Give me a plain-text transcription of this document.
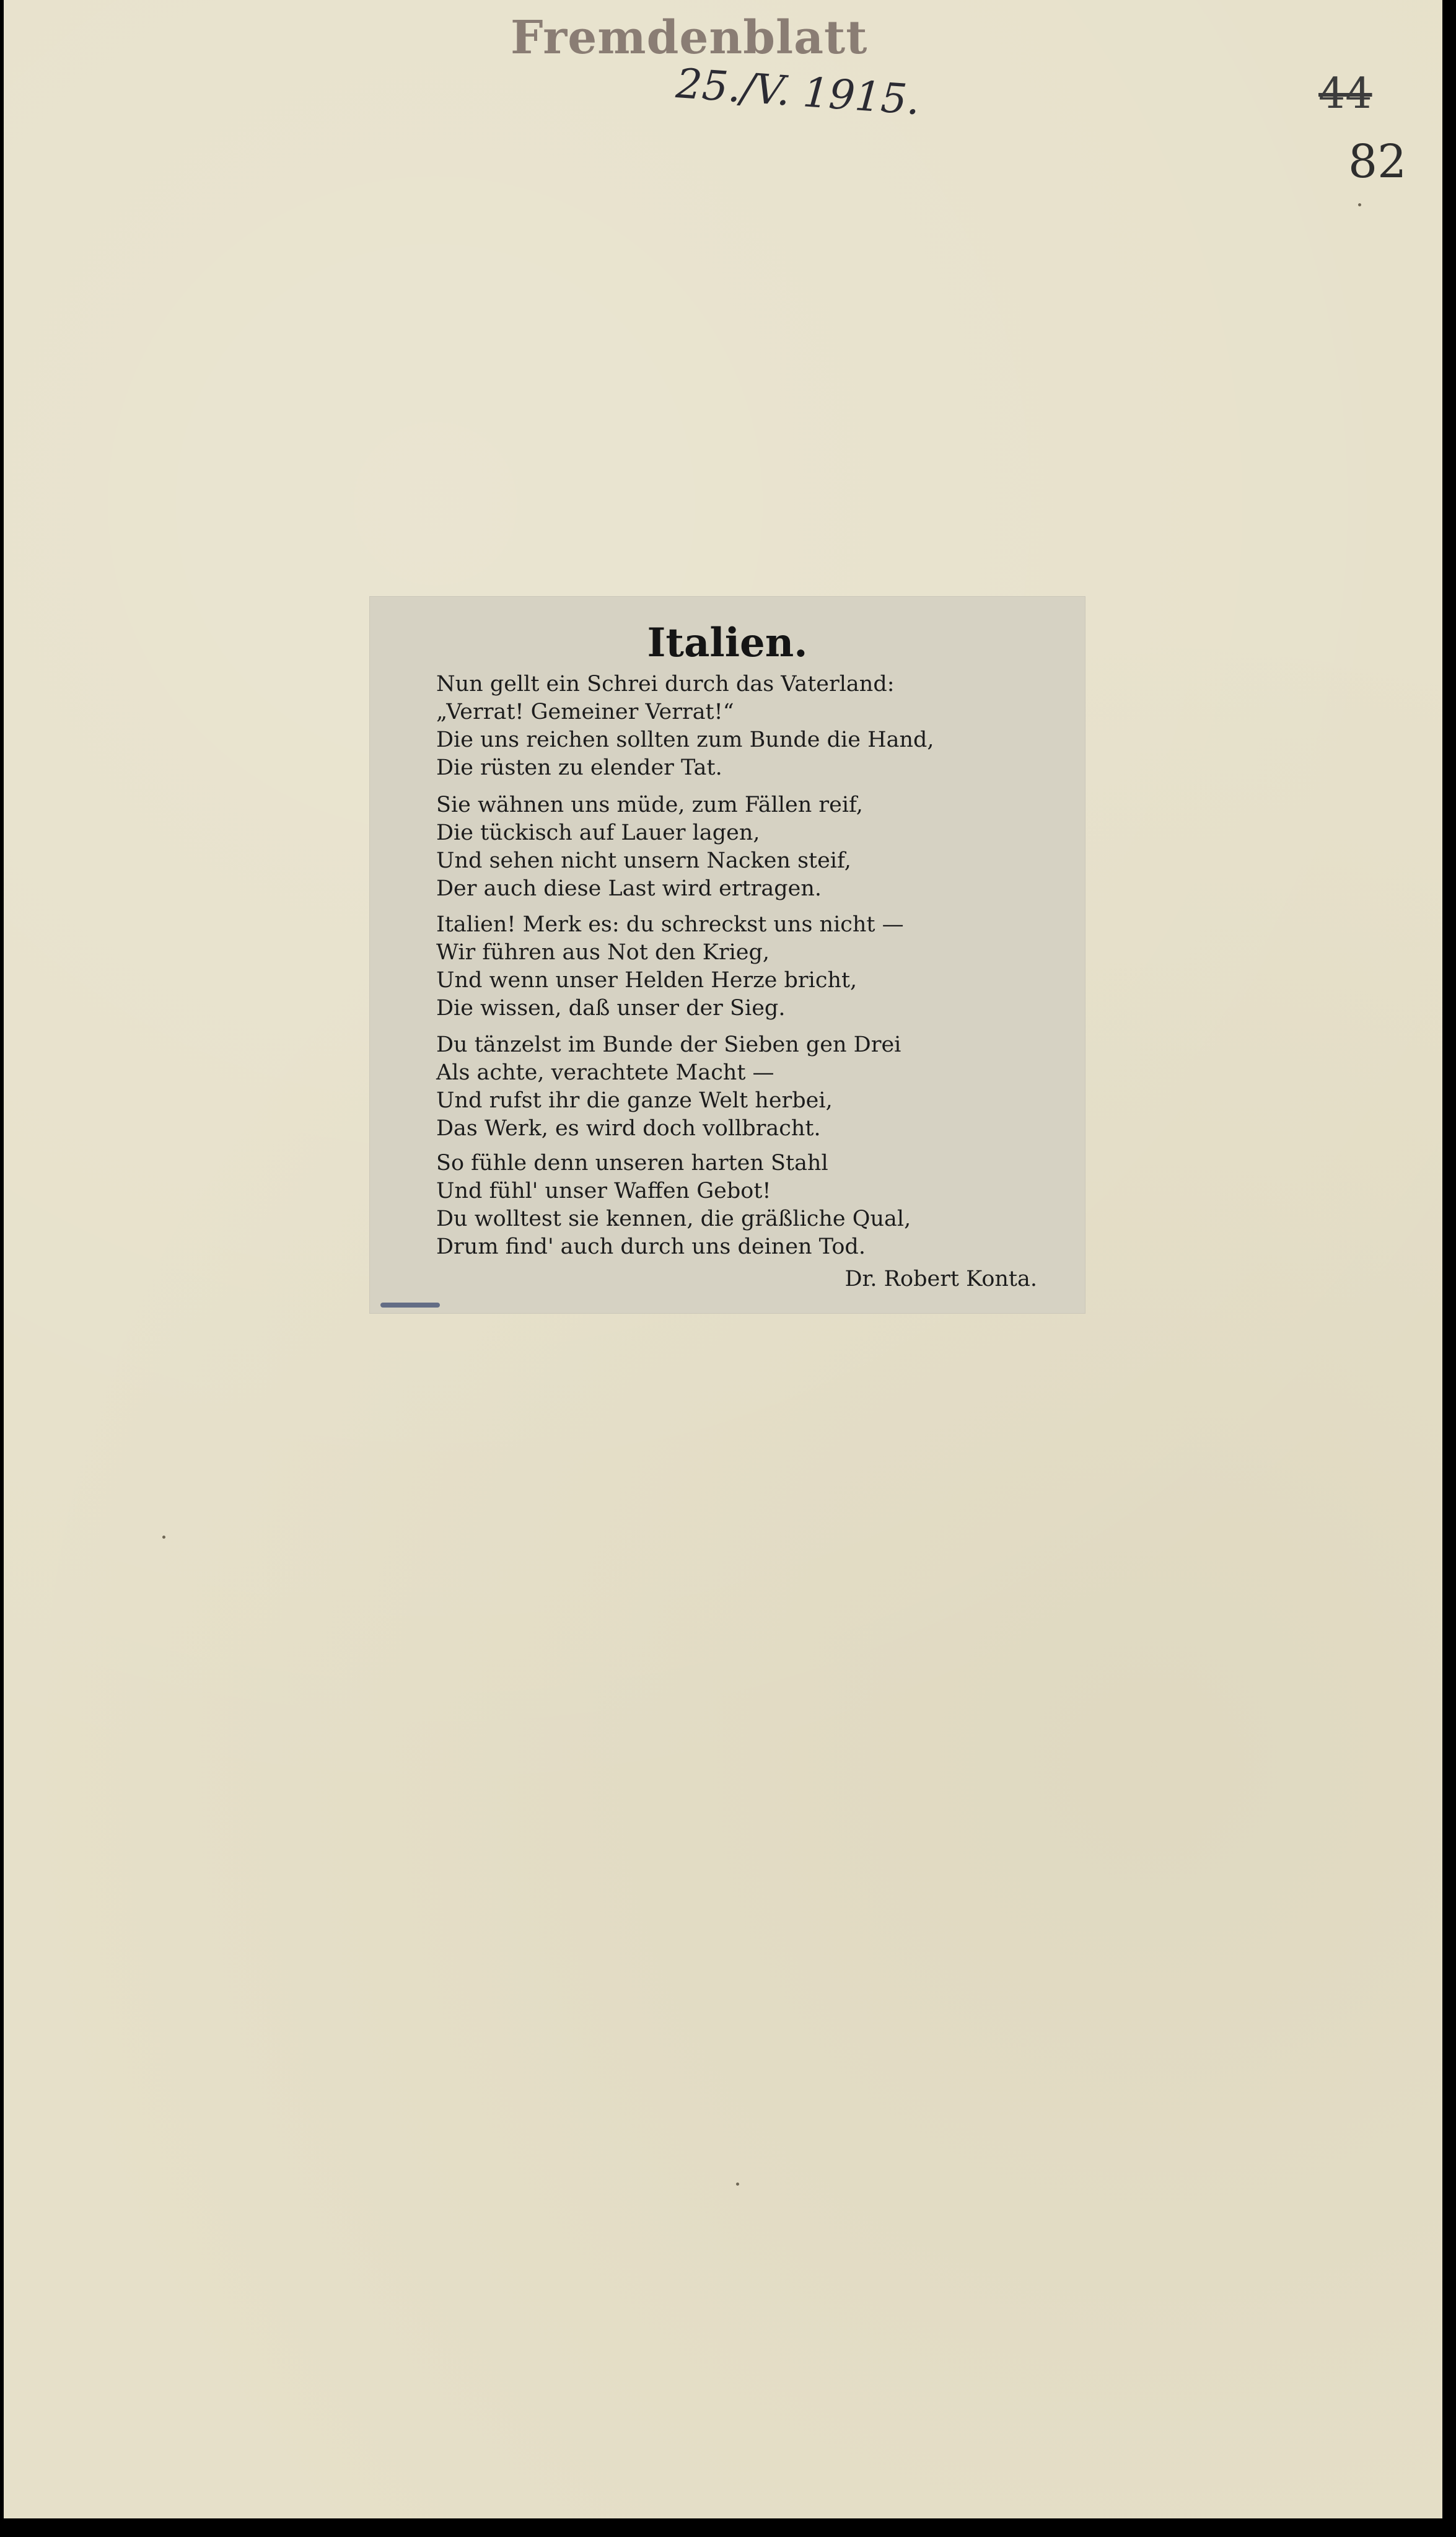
Fremdenblatt
25./V. 1915.	44
82
Italien.
Nun gellt ein Schrei durch das Vaterland:
„Verrat! Gemeiner Verrat!“
Die uns reichen sollten zum Bunde die Hand,
Die rüsten zu elender Tat.
Sie wähnen uns müde, zum Fällen reif,
Die tückisch auf Lauer lagen,
Und sehen nicht unsern Nacken steif,
Der auch diese Last wird ertragen.
Italien! Merk es: du schreckst uns nicht —
Wir führen aus Not den Krieg,
Und wenn unser Helden Herze bricht,
Die wissen, daß unser der Sieg.
Du tänzelst im Bunde der Sieben gen Drei
Als achte, verachtete Macht —
Und rufst ihr die ganze Welt herbei,
Das Werk, es wird doch vollbracht.
So fühle denn unseren harten Stahl
Und fühl' unser Waffen Gebot!
Du wolltest sie kennen, die gräßliche Qual,
Drum find' auch durch uns deinen Tod.
Dr. Robert Konta.
